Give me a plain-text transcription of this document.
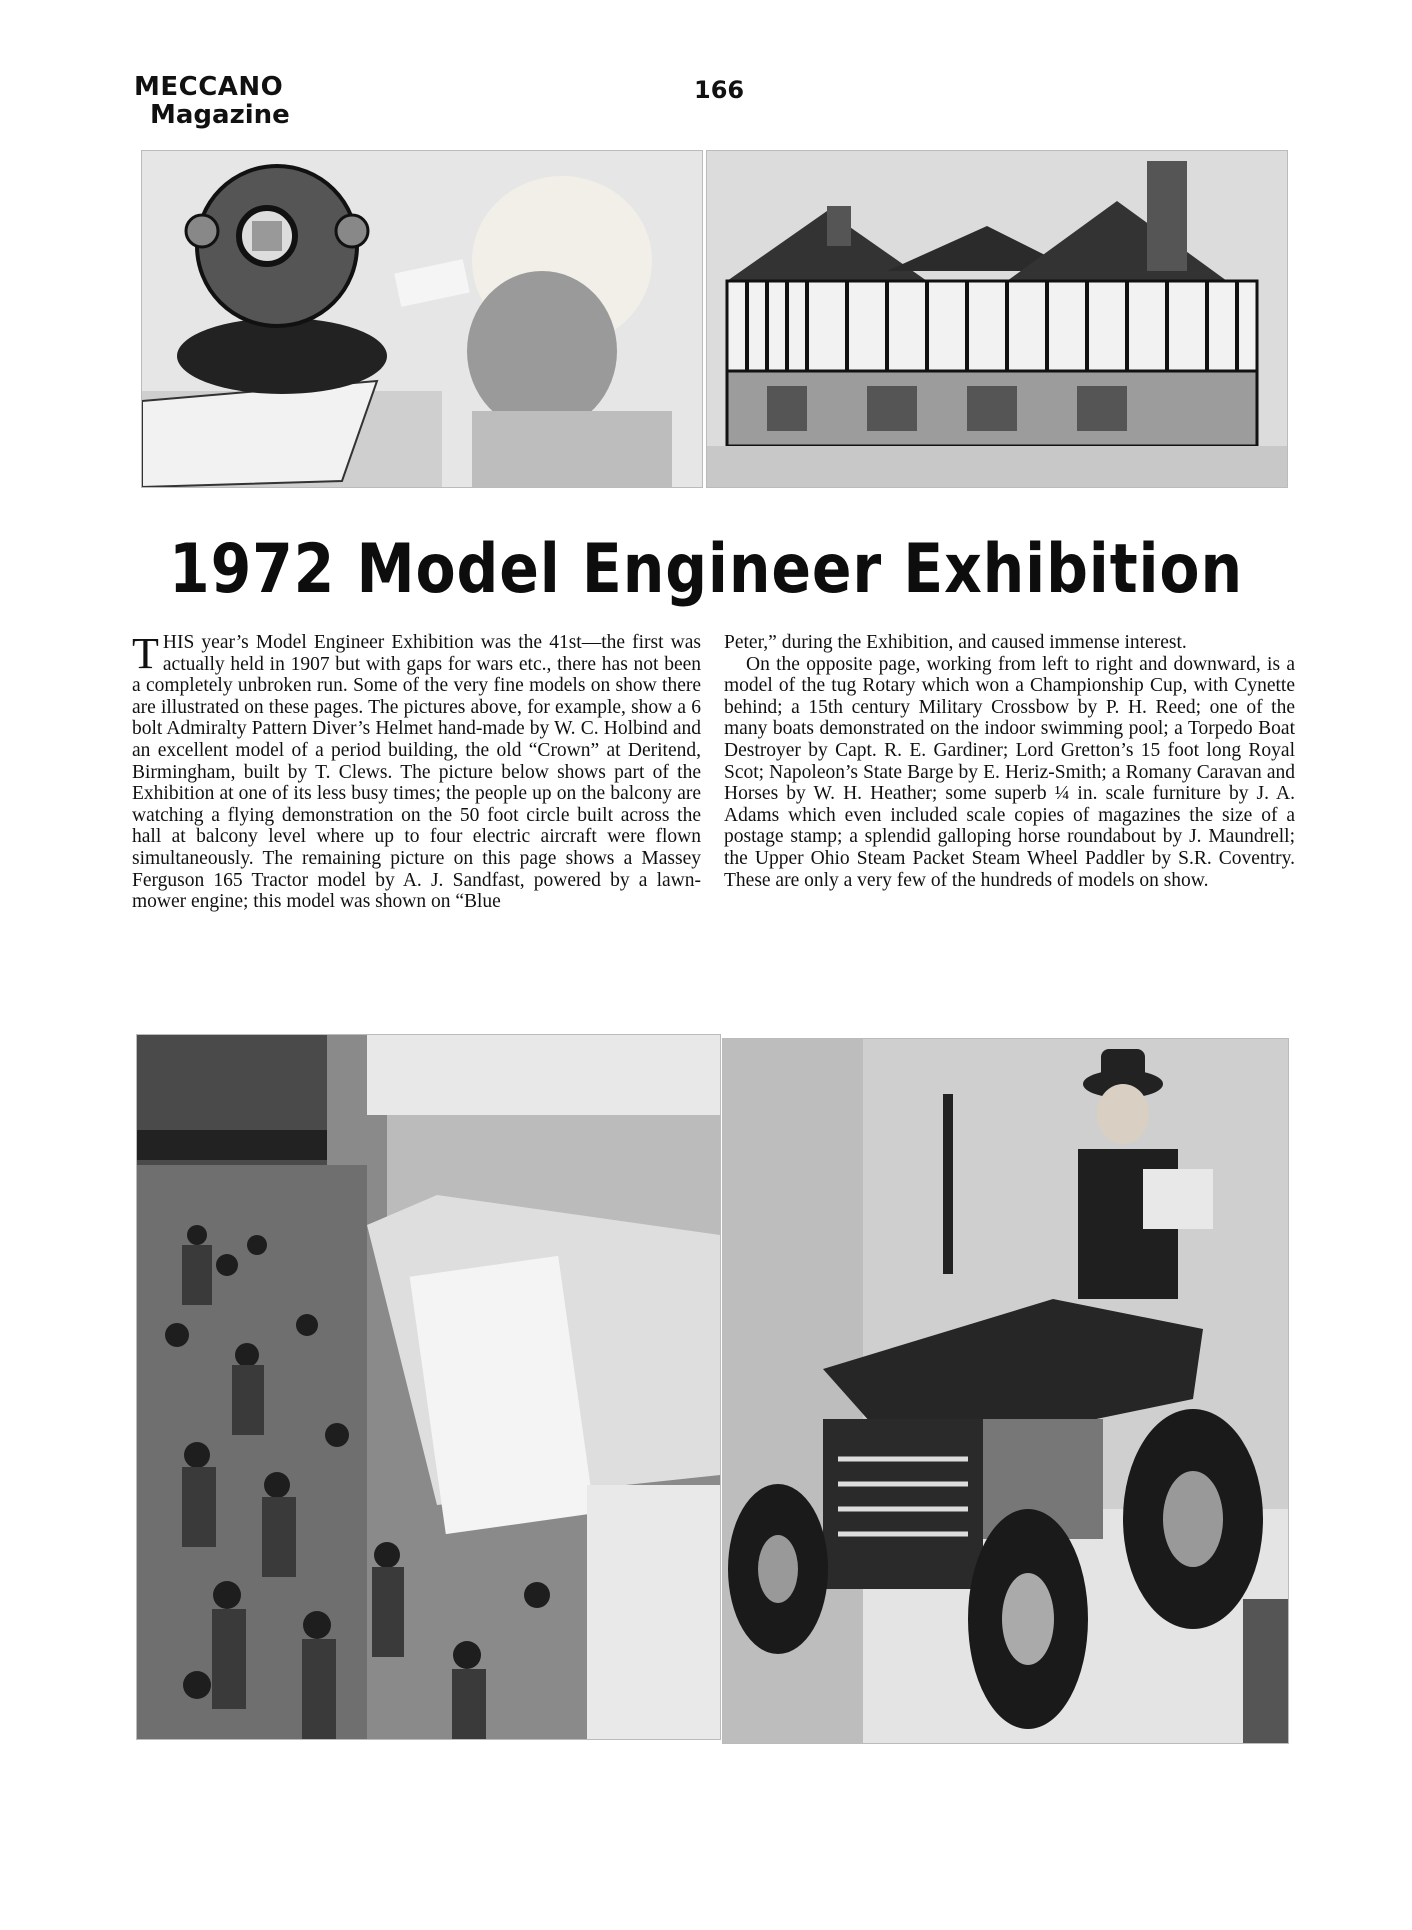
MECCANO
Magazine
166
1972 Model Engineer Exhibition

THIS year’s Model Engineer Exhibition was the 41st—the first was actually held in 1907 but with gaps for wars etc., there has not been a completely unbroken run. Some of the very fine models on show there are illustrated on these pages. The pictures above, for example, show a 6 bolt Admiralty Pattern Diver’s Helmet hand-made by W. C. Holbind and an excellent model of a period building, the old “Crown” at Deritend, Birmingham, built by T. Clews. The picture below shows part of the Exhibition at one of its less busy times; the people up on the balcony are watching a flying demonstration on the 50 foot circle built across the hall at balcony level where up to four electric aircraft were flown simultaneously. The remaining picture on this page shows a Massey Ferguson 165 Tractor model by A. J. Sandfast, powered by a lawn-mower engine; this model was shown on “Blue

Peter,” during the Exhibition, and caused immense interest.

On the opposite page, working from left to right and downward, is a model of the tug Rotary which won a Championship Cup, with Cynette behind; a 15th century Military Crossbow by P. H. Reed; one of the many boats demonstrated on the indoor swimming pool; a Torpedo Boat Destroyer by Capt. R. E. Gardiner; Lord Gretton’s 15 foot long Royal Scot; Napoleon’s State Barge by E. Heriz-Smith; a Romany Caravan and Horses by W. H. Heather; some superb ¼ in. scale furniture by J. A. Adams which even included scale copies of magazines the size of a postage stamp; a splendid galloping horse roundabout by J. Maundrell; the Upper Ohio Steam Packet Steam Wheel Paddler by S.R. Coventry. These are only a very few of the hundreds of models on show.
